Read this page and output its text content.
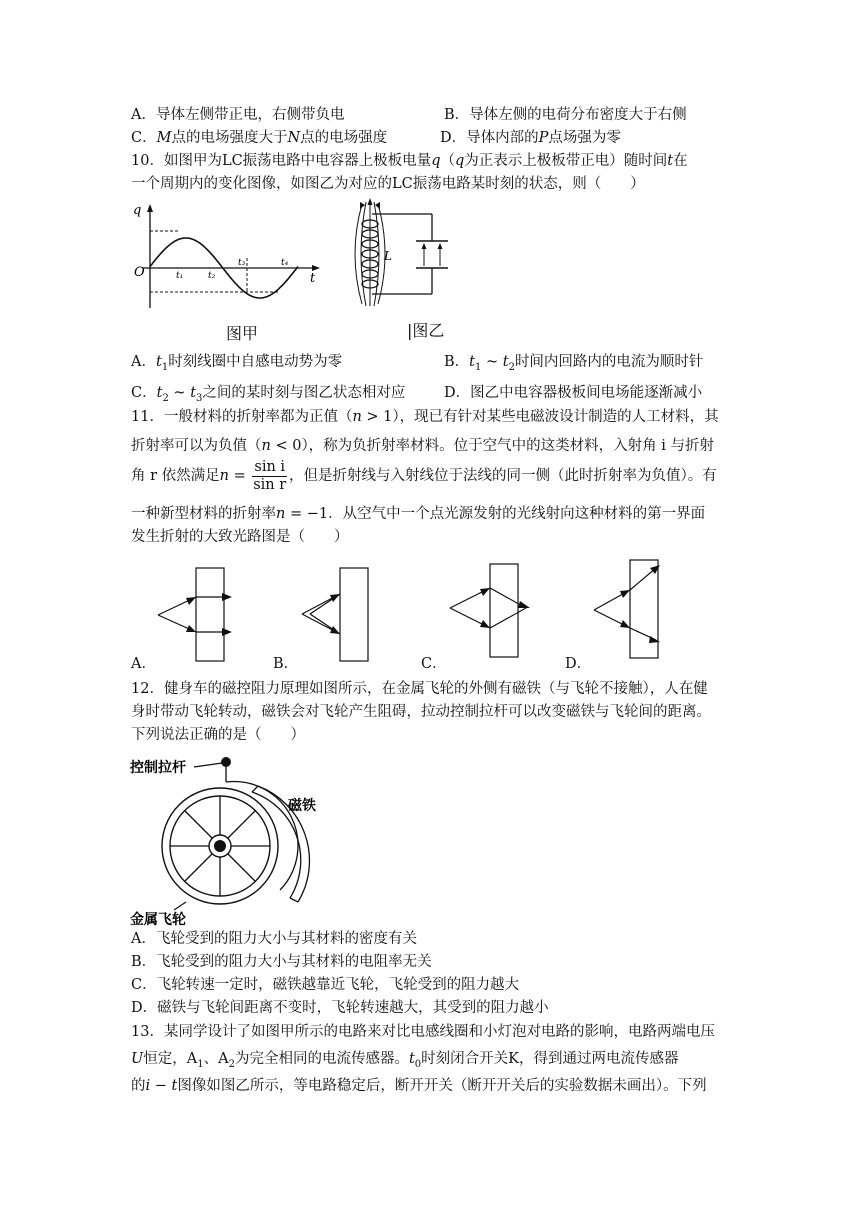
A．导体左侧带正电，右侧带负电	B．导体左侧的电荷分布密度大于右侧
C．M点的电场强度大于N点的电场强度	D．导体内部的P点场强为零
10．如图甲为LC振荡电路中电容器上极板电量q（q为正表示上极板带正电）随时间t在
一个周期内的变化图像，如图乙为对应的LC振荡电路某时刻的状态，则（　　）
q
t
O	t₁	t₂
t₃	t₄
图甲
L
|图乙
A．$t_1$时刻线圈中自感电动势为零	B．$t_1$ ~ $t_2$时间内回路内的电流为顺时针
C．$t_2$ ~ $t_3$之间的某时刻与图乙状态相对应	D．图乙中电容器极板间电场能逐渐减小
11．一般材料的折射率都为正值（n > 1），现已有针对某些电磁波设计制造的人工材料，其
折射率可以为负值（n < 0），称为负折射率材料。位于空气中的这类材料，入射角 i 与折射
角 r 依然满足$n = \frac{\text{sin i}}{\text{sin r}}$ ，但是折射线与入射线位于法线的同一侧（此时折射率为负值）。有
一种新型材料的折射率n = −1．从空气中一个点光源发射的光线射向这种材料的第一界面
发生折射的大致光路图是（　　）
A．	B．	C．	D．
12．健身车的磁控阻力原理如图所示，在金属飞轮的外侧有磁铁（与飞轮不接触），人在健
身时带动飞轮转动，磁铁会对飞轮产生阻碍，拉动控制拉杆可以改变磁铁与飞轮间的距离。
下列说法正确的是（　　）
控制拉杆
磁铁
金属飞轮
A．飞轮受到的阻力大小与其材料的密度有关
B．飞轮受到的阻力大小与其材料的电阻率无关
C．飞轮转速一定时，磁铁越靠近飞轮，飞轮受到的阻力越大
D．磁铁与飞轮间距离不变时，飞轮转速越大，其受到的阻力越小
13．某同学设计了如图甲所示的电路来对比电感线圈和小灯泡对电路的影响，电路两端电压
U恒定，$A_1$、$A_2$为完全相同的电流传感器。$t_0$时刻闭合开关K，得到通过两电流传感器
的i − t图像如图乙所示，等电路稳定后，断开开关（断开开关后的实验数据未画出）。下列
